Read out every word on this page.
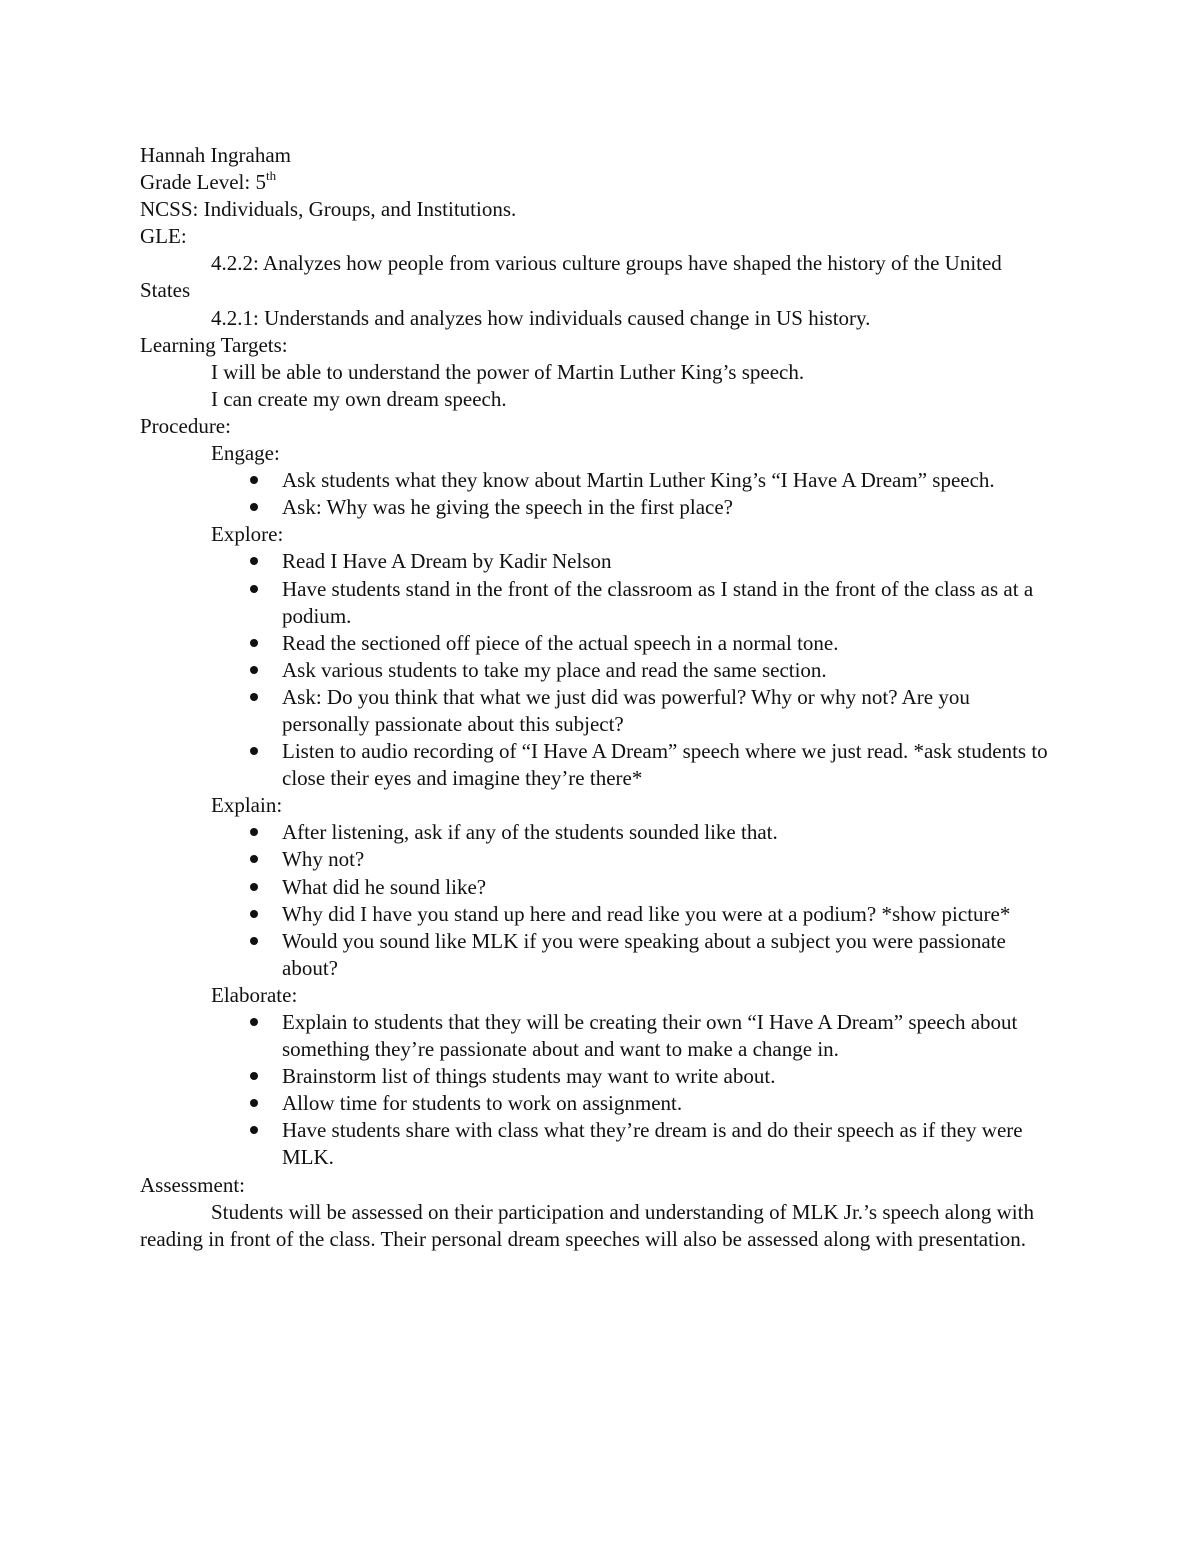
Hannah Ingraham

Grade Level: 5th

NCSS: Individuals, Groups, and Institutions.

GLE:

4.2.2: Analyzes how people from various culture groups have shaped the history of the United States

4.2.1: Understands and analyzes how individuals caused change in US history.

Learning Targets:

I will be able to understand the power of Martin Luther King’s speech.

I can create my own dream speech.

Procedure:

Engage:

Ask students what they know about Martin Luther King’s “I Have A Dream” speech.
Ask: Why was he giving the speech in the first place?

Explore:

Read I Have A Dream by Kadir Nelson
Have students stand in the front of the classroom as I stand in the front of the class as at a podium.
Read the sectioned off piece of the actual speech in a normal tone.
Ask various students to take my place and read the same section.
Ask: Do you think that what we just did was powerful? Why or why not? Are you personally passionate about this subject?
Listen to audio recording of “I Have A Dream” speech where we just read. *ask students to close their eyes and imagine they’re there*

Explain:

After listening, ask if any of the students sounded like that.
Why not?
What did he sound like?
Why did I have you stand up here and read like you were at a podium? *show picture*
Would you sound like MLK if you were speaking about a subject you were passionate about?

Elaborate:

Explain to students that they will be creating their own “I Have A Dream” speech about something they’re passionate about and want to make a change in.
Brainstorm list of things students may want to write about.
Allow time for students to work on assignment.
Have students share with class what they’re dream is and do their speech as if they were MLK.

Assessment:

Students will be assessed on their participation and understanding of MLK Jr.’s speech along with reading in front of the class. Their personal dream speeches will also be assessed along with presentation.
